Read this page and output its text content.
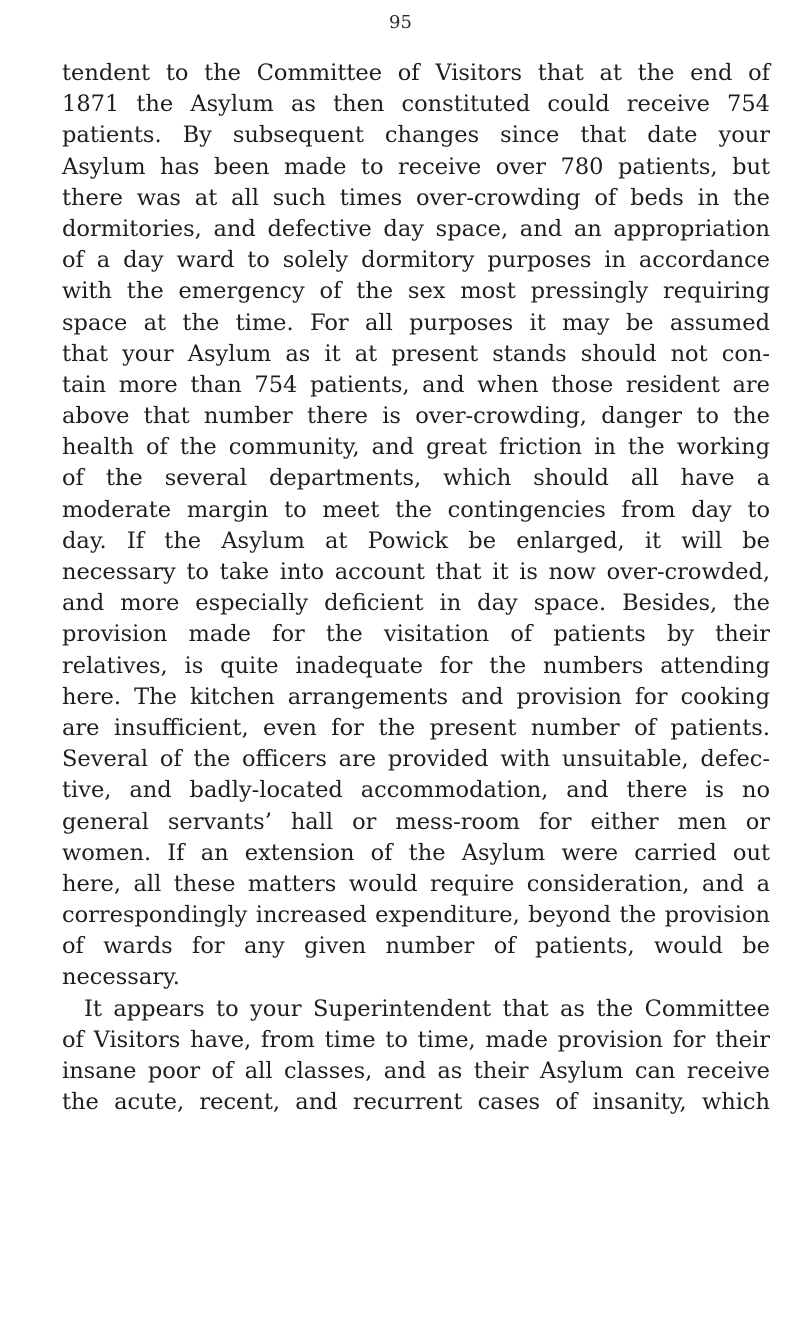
95
tendent to the Committee of Visitors that at the end of
1871 the Asylum as then constituted could receive 754
patients. By subsequent changes since that date your
Asylum has been made to receive over 780 patients, but
there was at all such times over-crowding of beds in the
dormitories, and defective day space, and an appropriation
of a day ward to solely dormitory purposes in accordance
with the emergency of the sex most pressingly requiring
space at the time. For all purposes it may be assumed
that your Asylum as it at present stands should not con-
tain more than 754 patients, and when those resident are
above that number there is over-crowding, danger to the
health of the community, and great friction in the working
of the several departments, which should all have a
moderate margin to meet the contingencies from day to
day. If the Asylum at Powick be enlarged, it will be
necessary to take into account that it is now over-crowded,
and more especially deficient in day space. Besides, the
provision made for the visitation of patients by their
relatives, is quite inadequate for the numbers attending
here. The kitchen arrangements and provision for cooking
are insufficient, even for the present number of patients.
Several of the officers are provided with unsuitable, defec-
tive, and badly-located accommodation, and there is no
general servants’ hall or mess-room for either men or
women. If an extension of the Asylum were carried out
here, all these matters would require consideration, and a
correspondingly increased expenditure, beyond the provision
of wards for any given number of patients, would be
necessary.
It appears to your Superintendent that as the Committee
of Visitors have, from time to time, made provision for their
insane poor of all classes, and as their Asylum can receive
the acute, recent, and recurrent cases of insanity, which
